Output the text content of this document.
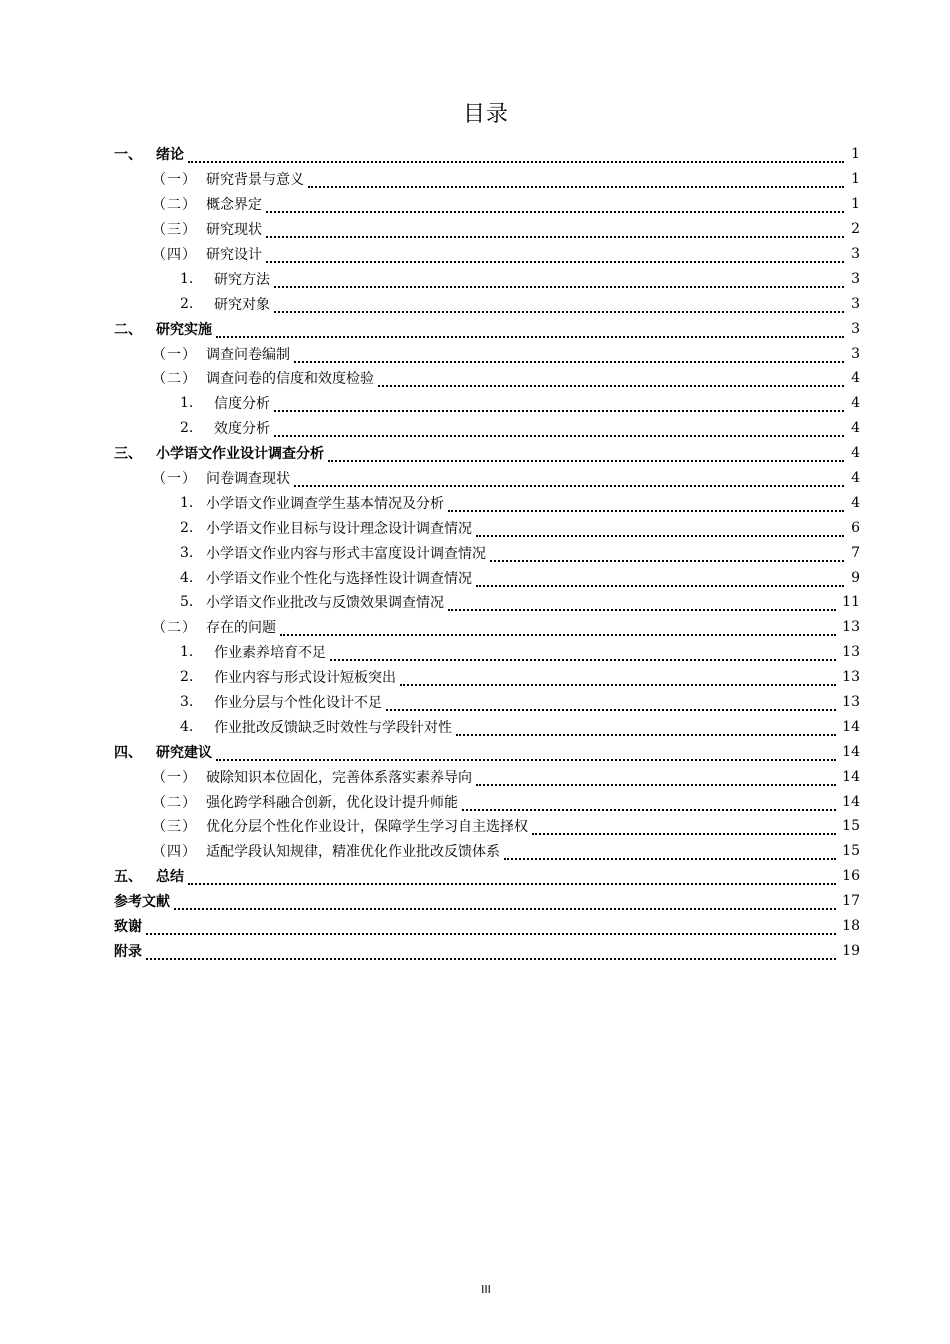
目录
一、	绪论	1
（一） 研究背景与意义	1
（二） 概念界定	1
（三） 研究现状	2
（四） 研究设计	3
1.	研究方法	3
2.	研究对象	3
二、	研究实施	3
（一） 调查问卷编制	3
（二） 调查问卷的信度和效度检验	4
1.	信度分析	4
2.	效度分析	4
三、	小学语文作业设计调查分析	4
（一） 问卷调查现状	4
1. 小学语文作业调查学生基本情况及分析	4
2. 小学语文作业目标与设计理念设计调查情况	6
3. 小学语文作业内容与形式丰富度设计调查情况	7
4. 小学语文作业个性化与选择性设计调查情况	9
5. 小学语文作业批改与反馈效果调查情况	11
（二） 存在的问题	13
1.	作业素养培育不足	13
2.	作业内容与形式设计短板突出	13
3.	作业分层与个性化设计不足	13
4.	作业批改反馈缺乏时效性与学段针对性	14
四、	研究建议	14
（一） 破除知识本位固化，完善体系落实素养导向	14
（二） 强化跨学科融合创新，优化设计提升师能	14
（三） 优化分层个性化作业设计，保障学生学习自主选择权	15
（四） 适配学段认知规律，精准优化作业批改反馈体系	15
五、	总结	16
参考文献	17
致谢	18
附录	19
III
